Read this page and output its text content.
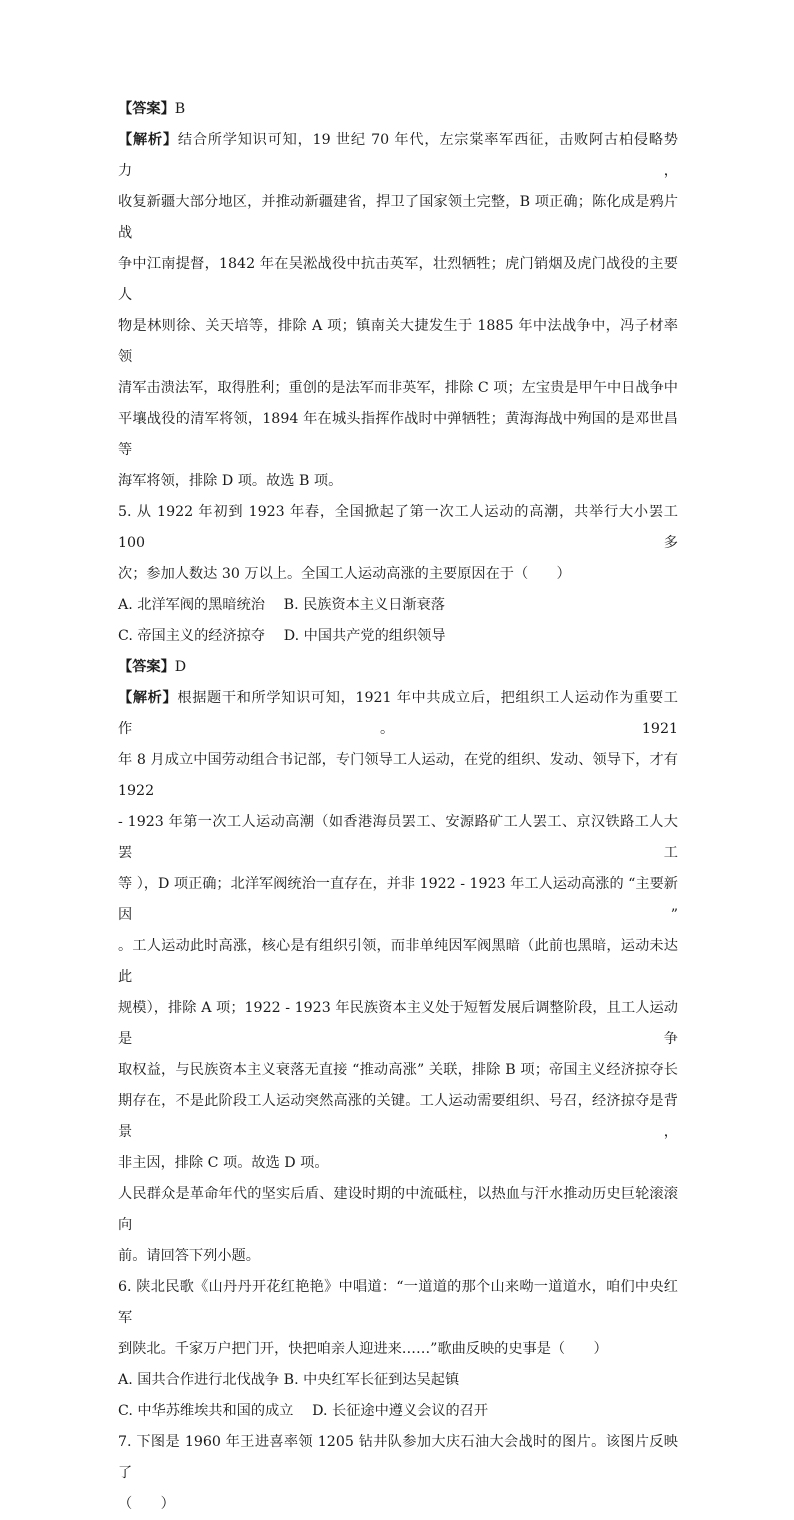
【答案】B
【解析】结合所学知识可知，19 世纪 70 年代，左宗棠率军西征，击败阿古柏侵略势力，
收复新疆大部分地区，并推动新疆建省，捍卫了国家领土完整，B 项正确；陈化成是鸦片战
争中江南提督，1842 年在吴淞战役中抗击英军，壮烈牺牲；虎门销烟及虎门战役的主要人
物是林则徐、关天培等，排除 A 项；镇南关大捷发生于 1885 年中法战争中，冯子材率领
清军击溃法军，取得胜利；重创的是法军而非英军，排除 C 项；左宝贵是甲午中日战争中
平壤战役的清军将领，1894 年在城头指挥作战时中弹牺牲；黄海海战中殉国的是邓世昌等
海军将领，排除 D 项。故选 B 项。
5. 从 1922 年初到 1923 年春，全国掀起了第一次工人运动的高潮，共举行大小罢工 100 多
次；参加人数达 30 万以上。全国工人运动高涨的主要原因在于（　　）
A. 北洋军阀的黑暗统治　 B. 民族资本主义日渐衰落
C. 帝国主义的经济掠夺　 D. 中国共产党的组织领导
【答案】D
【解析】根据题干和所学知识可知，1921 年中共成立后，把组织工人运动作为重要工作。1921
年 8 月成立中国劳动组合书记部，专门领导工人运动，在党的组织、发动、领导下，才有 1922
- 1923 年第一次工人运动高潮（如香港海员罢工、安源路矿工人罢工、京汉铁路工人大罢工
等 ），D 项正确；北洋军阀统治一直存在，并非 1922 - 1923 年工人运动高涨的 “主要新因”
。工人运动此时高涨，核心是有组织引领，而非单纯因军阀黑暗（此前也黑暗，运动未达此
规模），排除 A 项；1922 - 1923 年民族资本主义处于短暂发展后调整阶段，且工人运动是争
取权益，与民族资本主义衰落无直接 “推动高涨” 关联，排除 B 项；帝国主义经济掠夺长
期存在，不是此阶段工人运动突然高涨的关键。工人运动需要组织、号召，经济掠夺是背景，
非主因，排除 C 项。故选 D 项。
人民群众是革命年代的坚实后盾、建设时期的中流砥柱，以热血与汗水推动历史巨轮滚滚向
前。请回答下列小题。
6. 陕北民歌《山丹丹开花红艳艳》中唱道：“一道道的那个山来呦一道道水，咱们中央红军
到陕北。千家万户把门开，快把咱亲人迎进来……”歌曲反映的史事是（　　）
A. 国共合作进行北伐战争 B. 中央红军长征到达吴起镇
C. 中华苏维埃共和国的成立　 D. 长征途中遵义会议的召开
7. 下图是 1960 年王进喜率领 1205 钻井队参加大庆石油大会战时的图片。该图片反映了
（　　）
